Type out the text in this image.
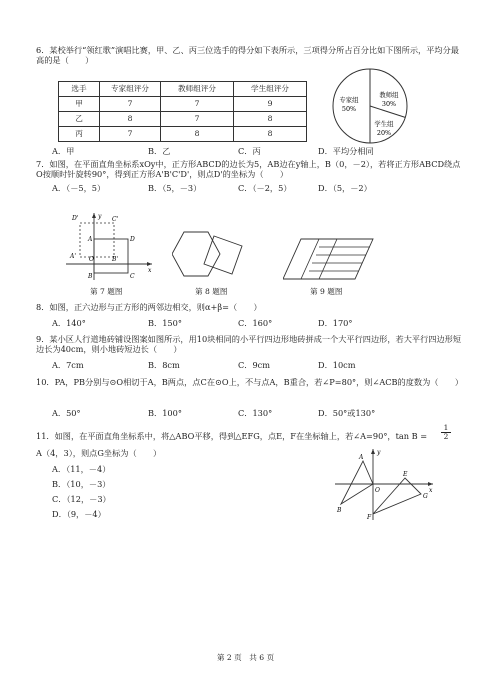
6．某校举行“领红歌”演唱比赛，甲、乙、丙三位选手的得分如下表所示，三项得分所占百分比如下图所示，平均分最高的是（　　）
选手	专家组评分	教师组评分	学生组评分
甲	7	7	9
乙	8	7	8
丙	7	8	8
专家组
50%
教师组
30%
学生组
20%
A．甲	B．乙	C．丙	D．平均分相同
7．如图，在平面直角坐标系xOy中，正方形ABCD的边长为5，AB边在y轴上，B（0，－2），若将正方形ABCD绕点O按顺时针旋转90°，得到正方形A'B'C'D'，则点D'的坐标为（　　）
A．（－5，5）	B．（5，－3）	C．（－2，5）	D．（5，－2）
D'	C'
A'
A	D
O	B'
B	C
y
x
第 7 题图	第 8 题图	第 9 题图
8．如图，正六边形与正方形的两邻边相交，则α+β=（　　）
A．140°	B．150°	C．160°	D．170°
9．某小区人行道地砖铺设图案如图所示，用10块相同的小平行四边形地砖拼成一个大平行四边形，若大平行四边形短边长为40cm，则小地砖短边长（　　）
A．7cm	B．8cm	C．9cm	D．10cm
10．PA，PB分别与⊙O相切于A，B两点，点C在⊙O上，不与点A，B重合，若∠P=80°，则∠ACB的度数为（　　）
A．50°	B．100°	C．130°	D．50°或130°
11．如图，在平面直角坐标系中，将△ABO平移，得到△EFG，点E，F在坐标轴上，若∠A=90°，tan B =	$\frac{1}{2}$
A（4，3），则点G坐标为（　　）
A．（11，－4）
B．（10，－3）
C．（12，－3）
D．（9，－4）
A
B
O
E
F
G
y
x
第 2 页　共 6 页
